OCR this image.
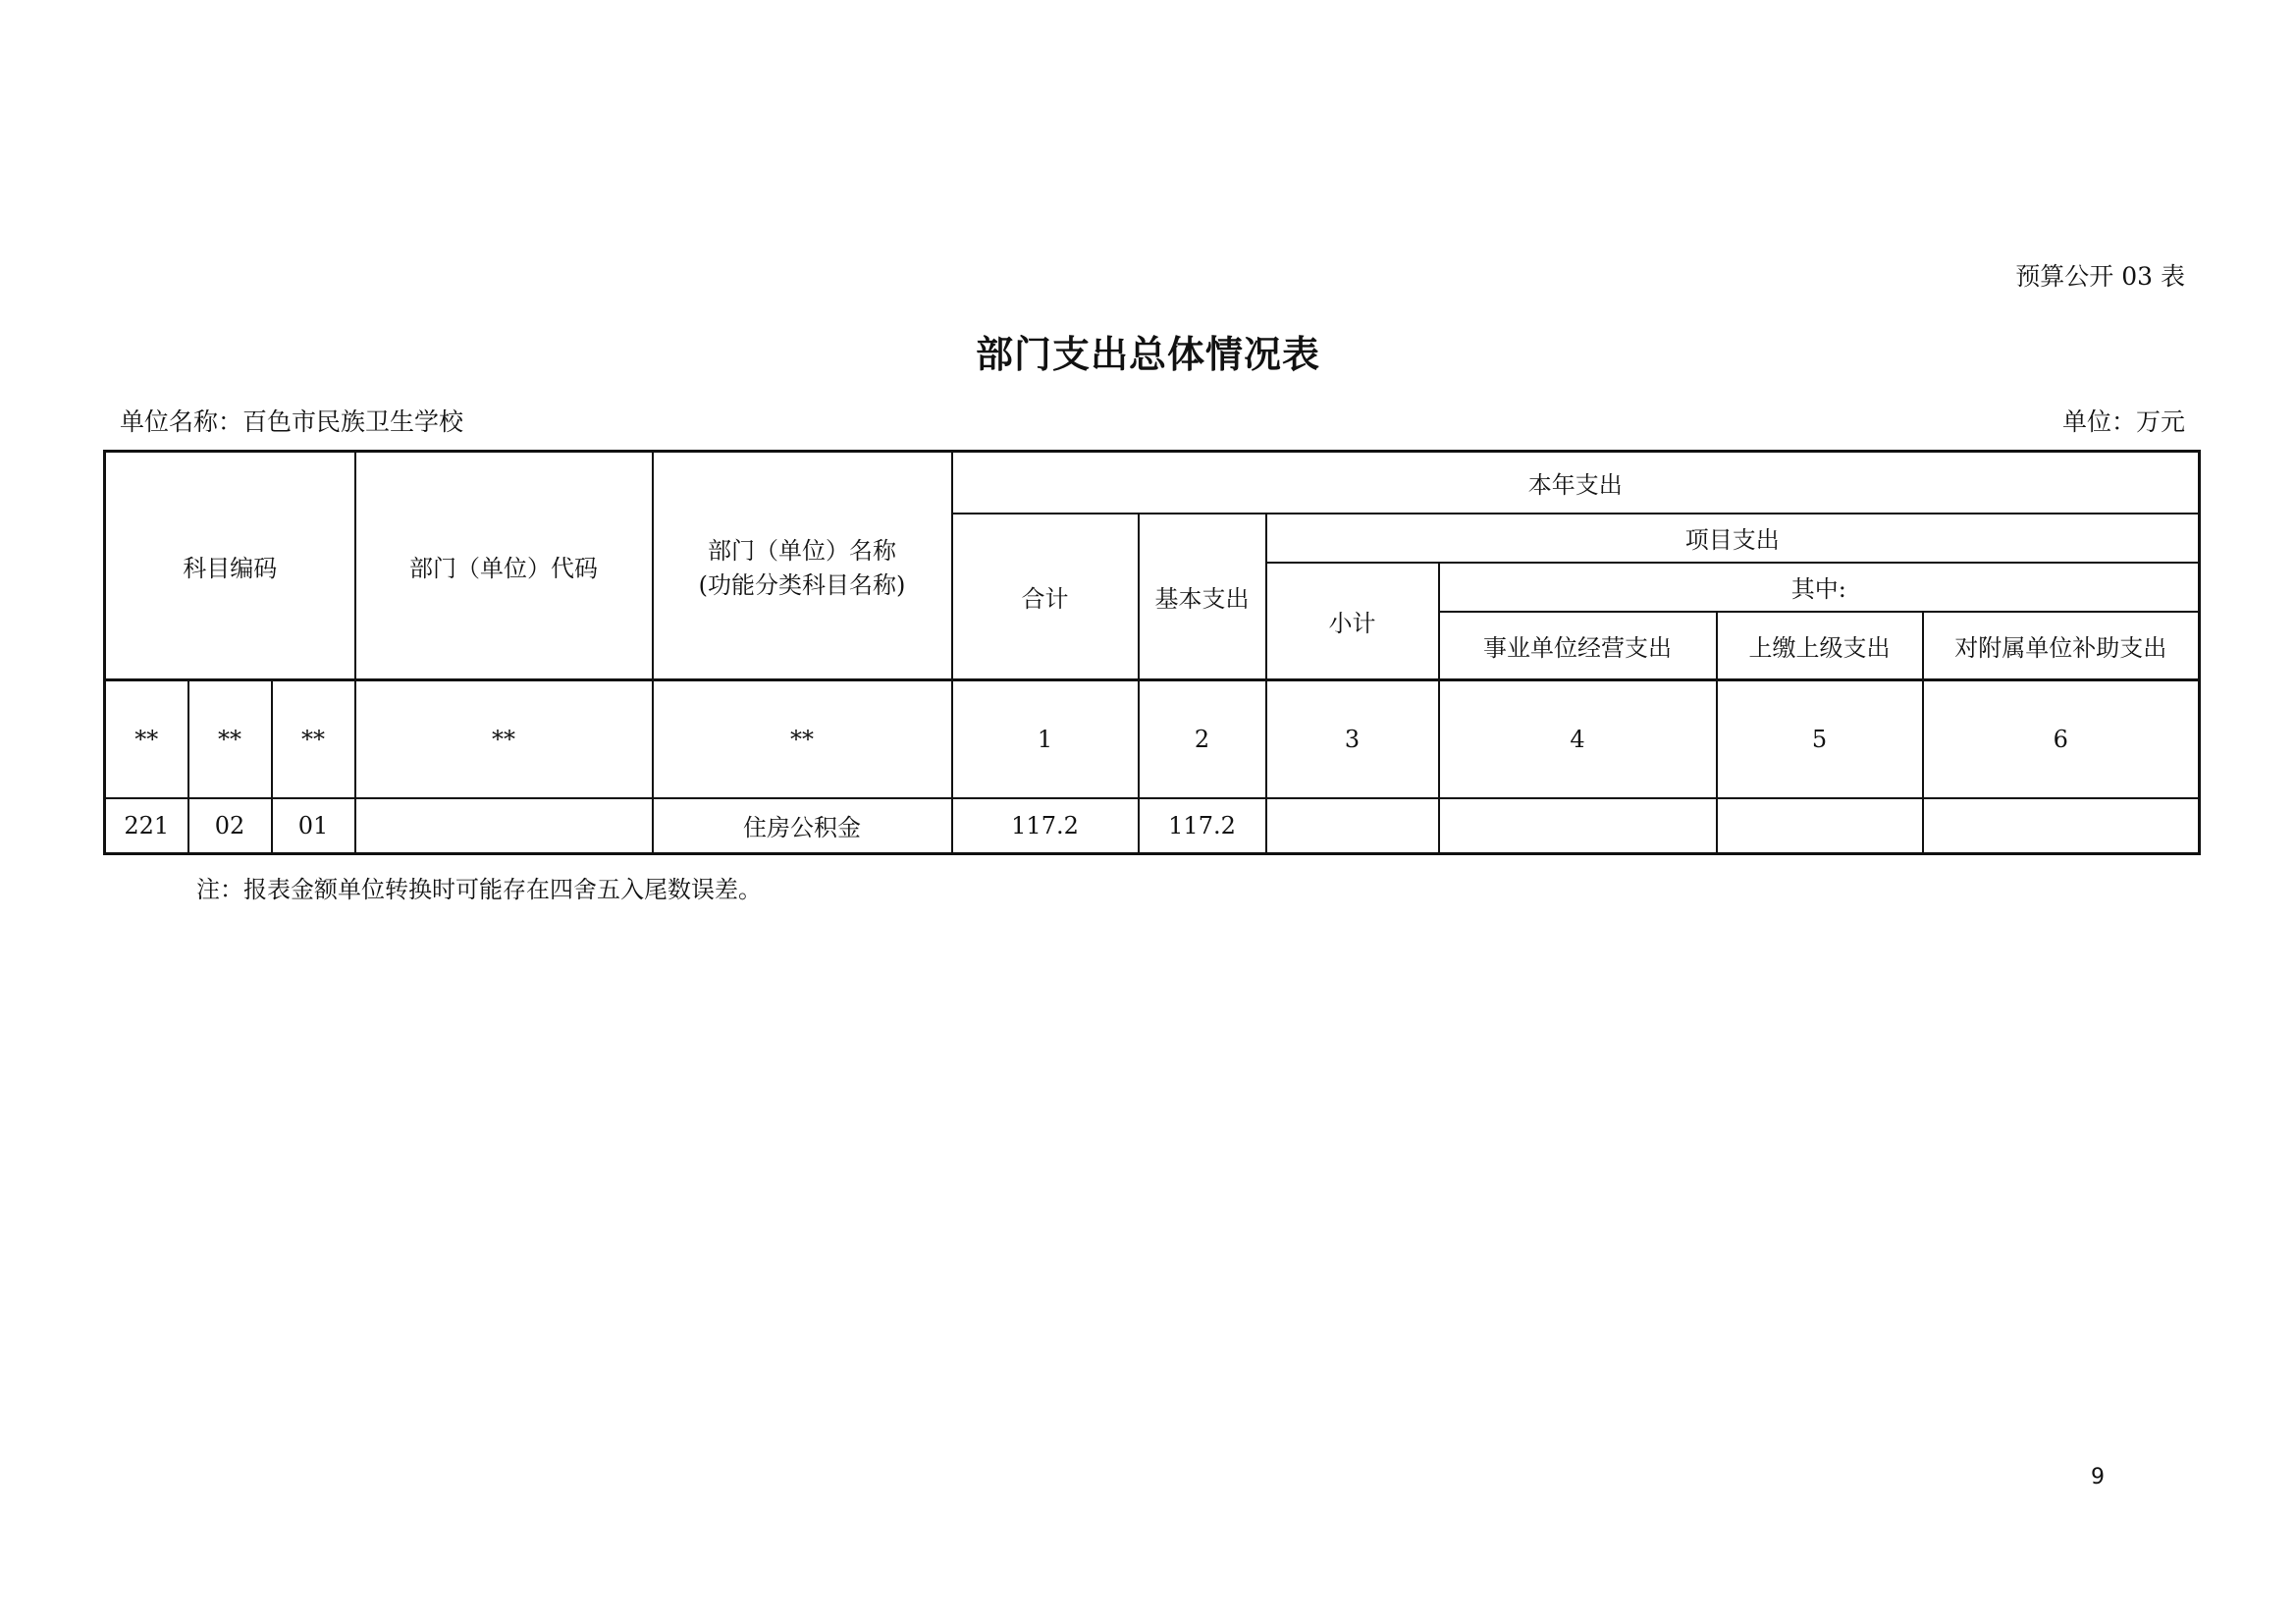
预算公开 03 表
部门支出总体情况表
单位名称：百色市民族卫生学校	单位：万元
科目编码			部门（单位）代码	部门（单位）名称
(功能分类科目名称)	本年支出					
					合计	基本支出	项目支出			
							小计	其中:		
								事业单位经营支出	上缴上级支出	对附属单位补助支出
**	**	**	**	**	1	2	3	4	5	6
221	02	01		住房公积金	117.2	117.2				
注：报表金额单位转换时可能存在四舍五入尾数误差。
9
